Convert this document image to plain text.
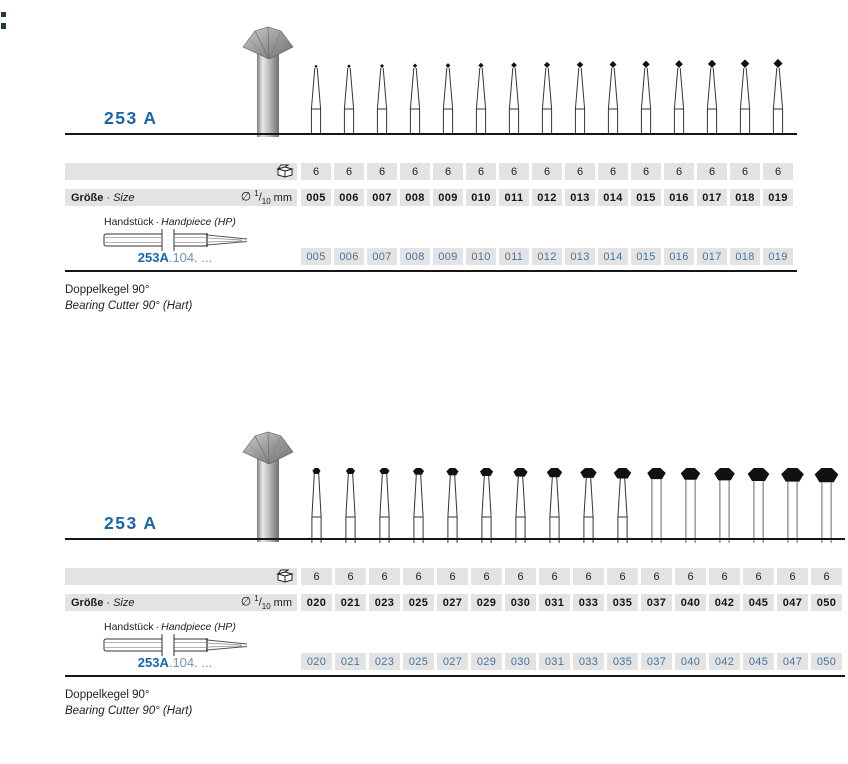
253 A
6	6	6	6	6	6	6	6	6	6	6	6	6	6	6
Größe · Size	∅ $^1/_{10}$ mm	005	006	007	008	009	010	011	012	013	014	015	016	017	018	019
Handstück · Handpiece (HP)
253A.104. ...	005	006	007	008	009	010	011	012	013	014	015	016	017	018	019
Doppelkegel 90°
Bearing Cutter 90° (Hart)
253 A
6	6	6	6	6	6	6	6	6	6	6	6	6	6	6	6
Größe · Size	∅ $^1/_{10}$ mm	020	021	023	025	027	029	030	031	033	035	037	040	042	045	047	050
Handstück · Handpiece (HP)
253A.104. ...	020	021	023	025	027	029	030	031	033	035	037	040	042	045	047	050
Doppelkegel 90°
Bearing Cutter 90° (Hart)
